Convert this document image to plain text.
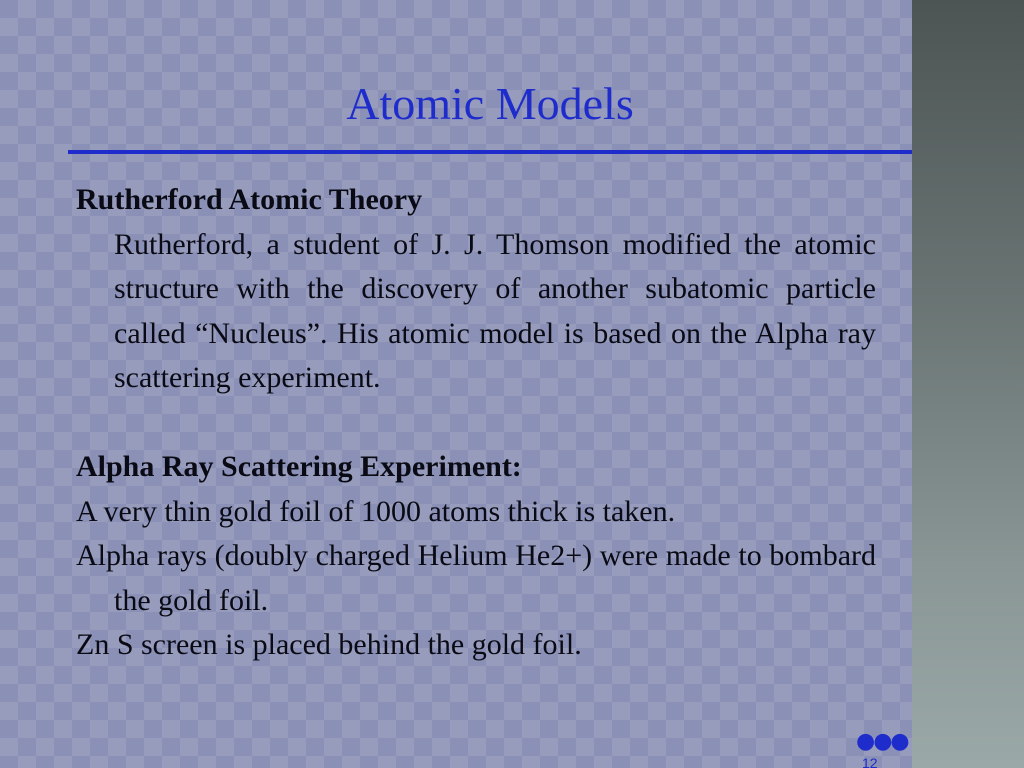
Atomic Models

Rutherford Atomic Theory

Rutherford, a student of J. J. Thomson modified the atomic structure with the discovery of another subatomic particle called “Nucleus”. His atomic model is based on the Alpha ray scattering experiment.

Alpha Ray Scattering Experiment:

A very thin gold foil of 1000 atoms thick is taken.

Alpha rays (doubly charged Helium He2+) were made to bombard the gold foil.

Zn S screen is placed behind the gold foil.

●●●
12
